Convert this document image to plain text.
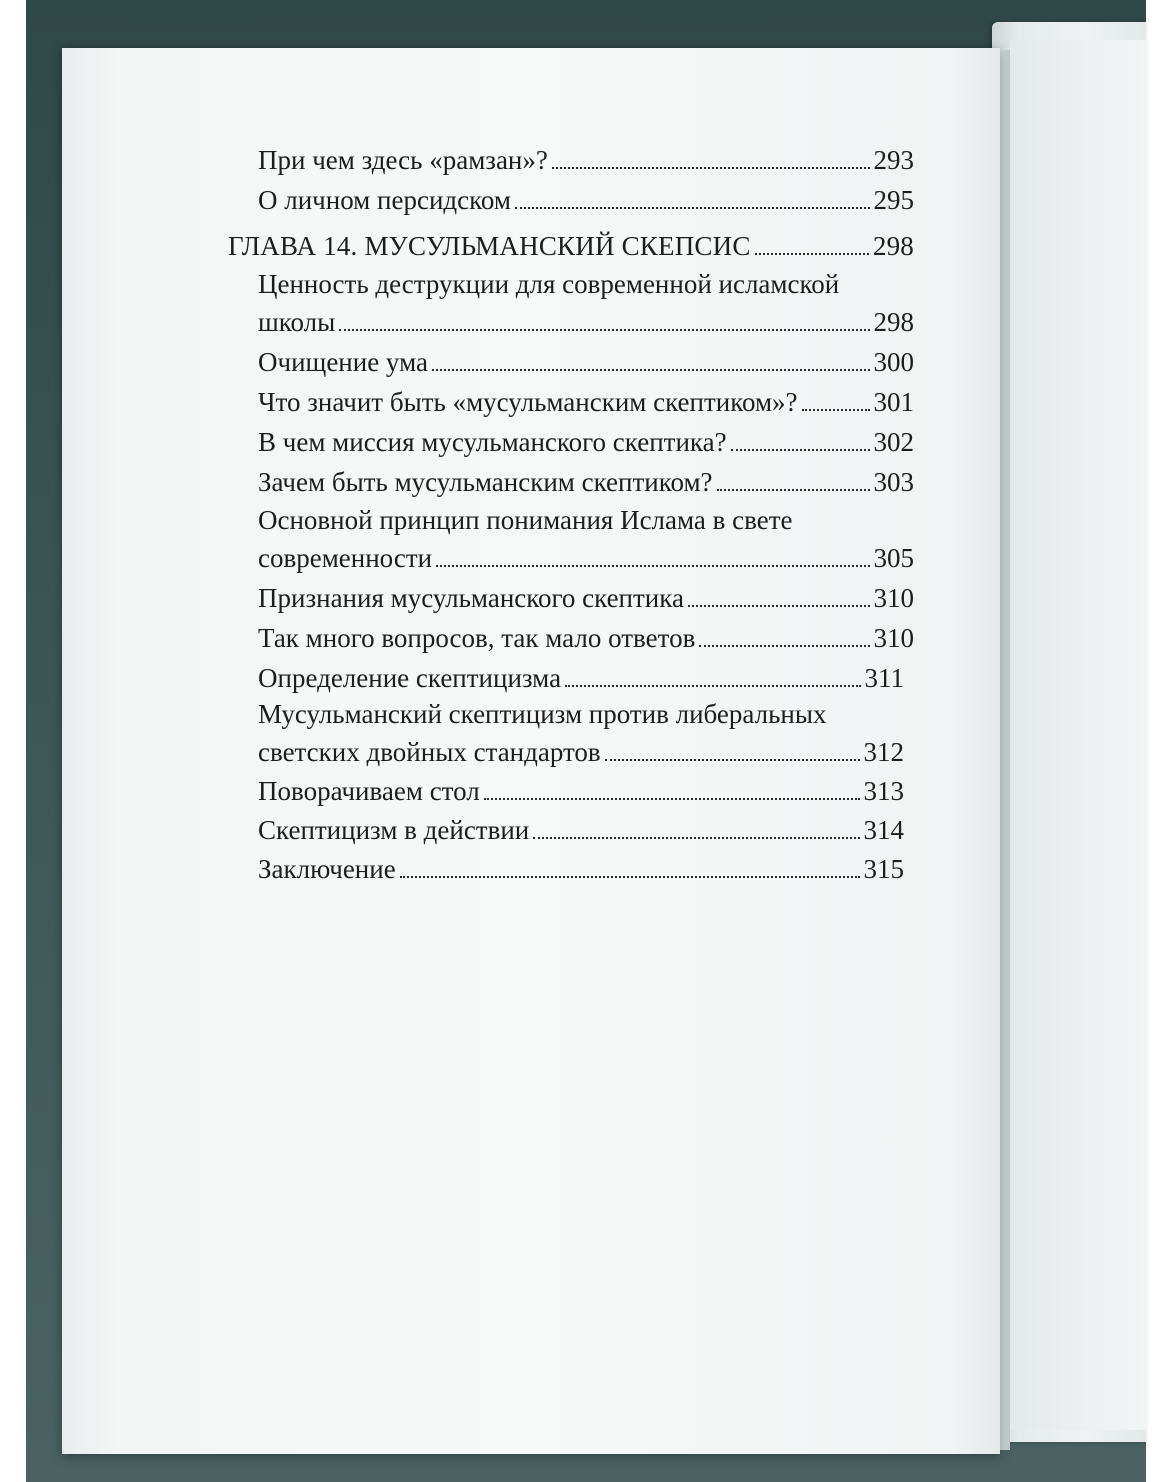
При чем здесь «рамзан»?	293
О личном персидском	295
ГЛАВА 14. МУСУЛЬМАНСКИЙ СКЕПСИС	298
Ценность деструкции для современной исламской
школы	298
Очищение ума	300
Что значит быть «мусульманским скептиком»?	301
В чем миссия мусульманского скептика?	302
Зачем быть мусульманским скептиком?	303
Основной принцип понимания Ислама в свете
современности	305
Признания мусульманского скептика	310
Так много вопросов, так мало ответов	310
Определение скептицизма	311
Мусульманский скептицизм против либеральных
светских двойных стандартов	312
Поворачиваем стол	313
Скептицизм в действии	314
Заключение	315
